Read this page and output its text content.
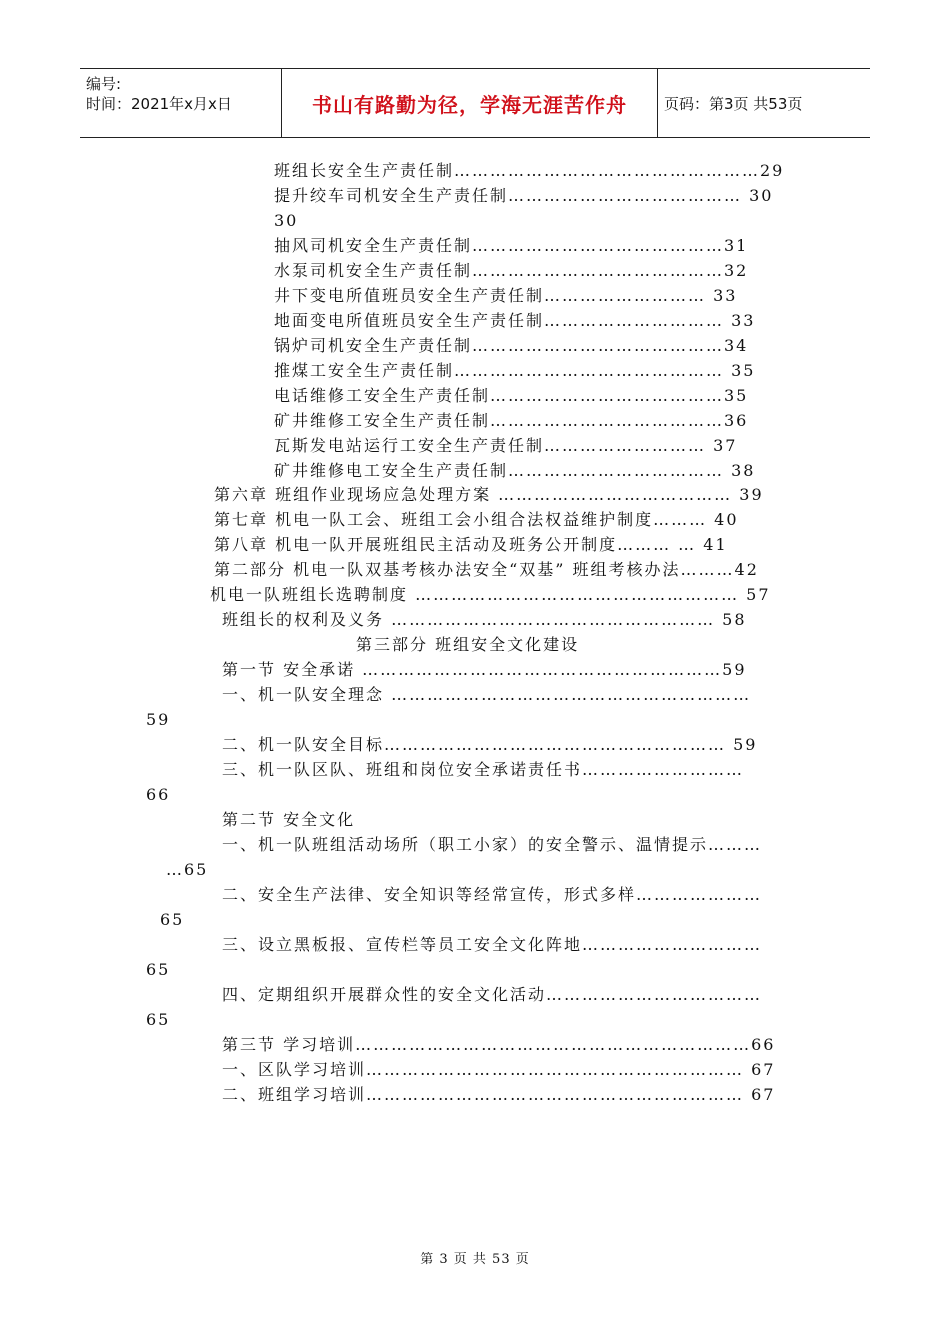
编号:
时间：2021年x月x日	书山有路勤为径，学海无涯苦作舟 页码：第3页 共53页
班组长安全生产责任制……………………………………………29
提升绞车司机安全生产责任制………………………………… 30
30
抽风司机安全生产责任制……………………………………31
水泵司机安全生产责任制……………………………………32
井下变电所值班员安全生产责任制……………………… 33
地面变电所值班员安全生产责任制………………………… 33
锅炉司机安全生产责任制……………………………………34
推煤工安全生产责任制……………………………………… 35
电话维修工安全生产责任制…………………………………35
矿井维修工安全生产责任制…………………………………36
瓦斯发电站运行工安全生产责任制……………………… 37
矿井维修电工安全生产责任制……………………………… 38
第六章 班组作业现场应急处理方案 ………………………………… 39
第七章 机电一队工会、班组工会小组合法权益维护制度……… 40
第八章 机电一队开展班组民主活动及班务公开制度……… … 41
第二部分 机电一队双基考核办法安全“双基” 班组考核办法………42
机电一队班组长选聘制度 ……………………………………………… 57
班组长的权利及义务 ……………………………………………… 58
第三部分 班组安全文化建设
第一节 安全承诺 ……………………………………………………59
一、机一队安全理念 ……………………………………………………
59
二、机一队安全目标………………………………………………… 59
三、机一队区队、班组和岗位安全承诺责任书………………………
66
第二节 安全文化
一、机一队班组活动场所（职工小家）的安全警示、温情提示………
…65
二、安全生产法律、安全知识等经常宣传，形式多样…………………
65
三、设立黑板报、宣传栏等员工安全文化阵地…………………………
65
四、定期组织开展群众性的安全文化活动………………………………
65
第三节 学习培训…………………………………………………………66
一、区队学习培训……………………………………………………… 67
二、班组学习培训……………………………………………………… 67
第 3 页 共 53 页
